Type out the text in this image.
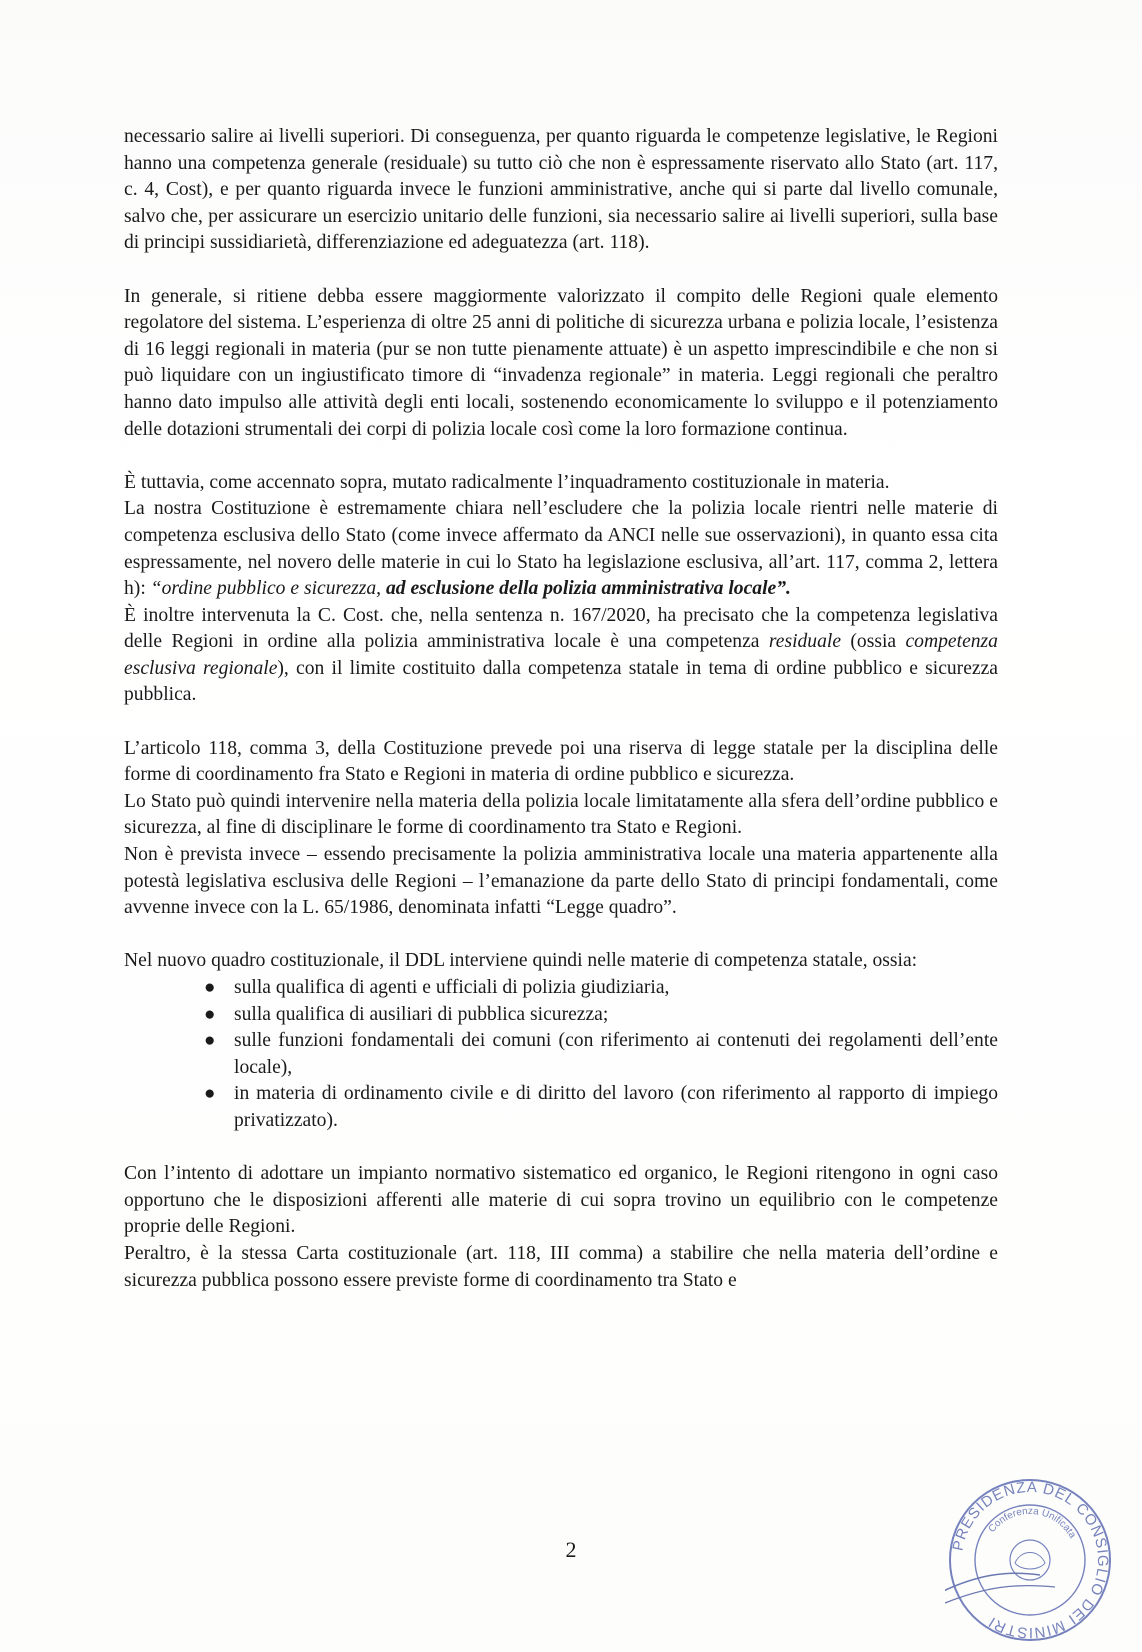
necessario salire ai livelli superiori. Di conseguenza, per quanto riguarda le competenze legislative, le Regioni hanno una competenza generale (residuale) su tutto ciò che non è espressamente riservato allo Stato (art. 117, c. 4, Cost), e per quanto riguarda invece le funzioni amministrative, anche qui si parte dal livello comunale, salvo che, per assicurare un esercizio unitario delle funzioni, sia necessario salire ai livelli superiori, sulla base di principi sussidiarietà, differenziazione ed adeguatezza (art. 118).

In generale, si ritiene debba essere maggiormente valorizzato il compito delle Regioni quale elemento regolatore del sistema. L’esperienza di oltre 25 anni di politiche di sicurezza urbana e polizia locale, l’esistenza di 16 leggi regionali in materia (pur se non tutte pienamente attuate) è un aspetto imprescindibile e che non si può liquidare con un ingiustificato timore di “invadenza regionale” in materia. Leggi regionali che peraltro hanno dato impulso alle attività degli enti locali, sostenendo economicamente lo sviluppo e il potenziamento delle dotazioni strumentali dei corpi di polizia locale così come la loro formazione continua.

È tuttavia, come accennato sopra, mutato radicalmente l’inquadramento costituzionale in materia.

La nostra Costituzione è estremamente chiara nell’escludere che la polizia locale rientri nelle materie di competenza esclusiva dello Stato (come invece affermato da ANCI nelle sue osservazioni), in quanto essa cita espressamente, nel novero delle materie in cui lo Stato ha legislazione esclusiva, all’art. 117, comma 2, lettera h): “ordine pubblico e sicurezza, ad esclusione della polizia amministrativa locale”.

È inoltre intervenuta la C. Cost. che, nella sentenza n. 167/2020, ha precisato che la competenza legislativa delle Regioni in ordine alla polizia amministrativa locale è una competenza residuale (ossia competenza esclusiva regionale), con il limite costituito dalla competenza statale in tema di ordine pubblico e sicurezza pubblica.

L’articolo 118, comma 3, della Costituzione prevede poi una riserva di legge statale per la disciplina delle forme di coordinamento fra Stato e Regioni in materia di ordine pubblico e sicurezza.

Lo Stato può quindi intervenire nella materia della polizia locale limitatamente alla sfera dell’ordine pubblico e sicurezza, al fine di disciplinare le forme di coordinamento tra Stato e Regioni.

Non è prevista invece – essendo precisamente la polizia amministrativa locale una materia appartenente alla potestà legislativa esclusiva delle Regioni – l’emanazione da parte dello Stato di principi fondamentali, come avvenne invece con la L. 65/1986, denominata infatti “Legge quadro”.

Nel nuovo quadro costituzionale, il DDL interviene quindi nelle materie di competenza statale, ossia:

● sulla qualifica di agenti e ufficiali di polizia giudiziaria,
● sulla qualifica di ausiliari di pubblica sicurezza;
● sulle funzioni fondamentali dei comuni (con riferimento ai contenuti dei regolamenti dell’ente locale),
● in materia di ordinamento civile e di diritto del lavoro (con riferimento al rapporto di impiego privatizzato).

Con l’intento di adottare un impianto normativo sistematico ed organico, le Regioni ritengono in ogni caso opportuno che le disposizioni afferenti alle materie di cui sopra trovino un equilibrio con le competenze proprie delle Regioni.

Peraltro, è la stessa Carta costituzionale (art. 118, III comma) a stabilire che nella materia dell’ordine e sicurezza pubblica possono essere previste forme di coordinamento tra Stato e

2	PRESIDENZA DEL CONSIGLIO DEI MINISTRI
Conferenza Unificata
